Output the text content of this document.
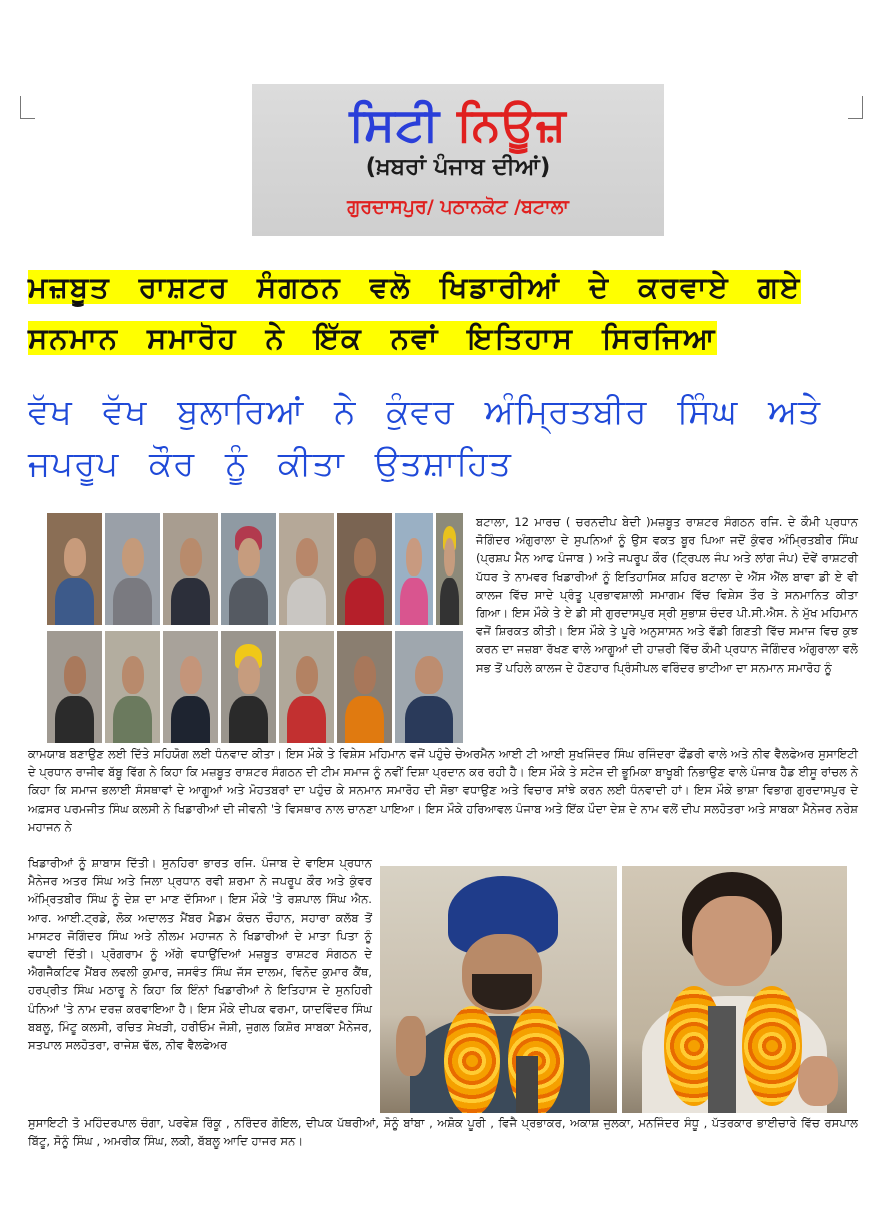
ਸਿਟੀ ਨਿਊਜ਼
(ਖ਼ਬਰਾਂ ਪੰਜਾਬ ਦੀਆਂ)
ਗੁਰਦਾਸਪੁਰ/ ਪਠਾਨਕੋਟ /ਬਟਾਲਾ
ਮਜ਼ਬੂਤ ਰਾਸ਼ਟਰ ਸੰਗਠਨ ਵਲੋ ਖਿਡਾਰੀਆਂ ਦੇ ਕਰਵਾਏ ਗਏ
ਸਨਮਾਨ ਸਮਾਰੋਹ ਨੇ ਇੱਕ ਨਵਾਂ ਇਤਿਹਾਸ ਸਿਰਜਿਆ
ਵੱਖ ਵੱਖ ਬੁਲਾਰਿਆਂ ਨੇ ਕੁੰਵਰ ਅੰਮ੍ਰਿਤਬੀਰ ਸਿੰਘ ਅਤੇ ਜਪਰੂਪ ਕੌਰ ਨੂੰ ਕੀਤਾ ਉਤਸ਼ਾਹਿਤ
ਬਟਾਲਾ, 12 ਮਾਰਚ ( ਚਰਨਦੀਪ ਬੇਦੀ )ਮਜ਼ਬੂਤ ਰਾਸ਼ਟਰ ਸੰਗਠਨ ਰਜਿ. ਦੇ ਕੌਮੀ ਪ੍ਰਧਾਨ ਜੋਗਿੰਦਰ ਅੰਗੁਰਾਲਾ ਦੇ ਸੁਪਨਿਆਂ ਨੂੰ ਉਸ ਵਕਤ ਬੂਰ ਪਿਆ ਜਦੋਂ ਕੁੰਵਰ ਅੰਮ੍ਰਿਤਬੀਰ ਸਿੰਘ (ਪ੍ਰਸ਼ਪ ਮੈਨ ਆਫ ਪੰਜਾਬ ) ਅਤੇ ਜਪਰੂਪ ਕੌਰ (ਟ੍ਰਿਪਲ ਜੰਪ ਅਤੇ ਲਾਂਗ ਜੰਪ) ਦੋਵੇਂ ਰਾਸ਼ਟਰੀ ਪੱਧਰ ਤੇ ਨਾਮਵਰ ਖਿਡਾਰੀਆਂ ਨੂੰ ਇਤਿਹਾਸਿਕ ਸ਼ਹਿਰ ਬਟਾਲਾ ਦੇ ਐੱਸ ਐੱਲ ਬਾਵਾ ਡੀ ਏ ਵੀ ਕਾਲਜ ਵਿੱਚ ਸਾਦੇ ਪ੍ਰੰਤੂ ਪ੍ਰਭਾਵਸ਼ਾਲੀ ਸਮਾਗਮ ਵਿੱਚ ਵਿਸ਼ੇਸ ਤੌਰ ਤੇ ਸਨਮਾਨਿਤ ਕੀਤਾ ਗਿਆ। ਇਸ ਮੌਕੇ ਤੇ ਏ ਡੀ ਸੀ ਗੁਰਦਾਸਪੁਰ ਸ੍ਰੀ ਸੁਭਾਸ਼ ਚੰਦਰ ਪੀ.ਸੀ.ਐਸ. ਨੇ ਮੁੱਖ ਮਹਿਮਾਨ ਵਜੋਂ ਸ਼ਿਰਕਤ ਕੀਤੀ। ਇਸ ਮੌਕੇ ਤੇ ਪੂਰੇ ਅਨੁਸਾਸਨ ਅਤੇ ਵੱਡੀ ਗਿਣਤੀ ਵਿੱਚ ਸਮਾਜ ਵਿਚ ਕੁਝ ਕਰਨ ਦਾ ਜਜ਼ਬਾ ਰੱਖਣ ਵਾਲੇ ਆਗੂਆਂ ਦੀ ਹਾਜ਼ਰੀ ਵਿੱਚ ਕੌਮੀ ਪ੍ਰਧਾਨ ਜੋਗਿੰਦਰ ਅੰਗੁਰਾਲਾ ਵਲੋ ਸਭ ਤੋਂ ਪਹਿਲੇ ਕਾਲਜ ਦੇ ਹੋਣਹਾਰ ਪ੍ਰਿੰਸੀਪਲ ਵਰਿੰਦਰ ਭਾਟੀਆ ਦਾ ਸਨਮਾਨ ਸਮਾਰੋਹ ਨੂੰ
ਕਾਮਯਾਬ ਬਣਾਉਣ ਲਈ ਦਿੱਤੇ ਸਹਿਯੋਗ ਲਈ ਧੰਨਵਾਦ ਕੀਤਾ। ਇਸ ਮੌਕੇ ਤੇ ਵਿਸ਼ੇਸ ਮਹਿਮਾਨ ਵਜੋਂ ਪਹੁੰਚੇ ਚੇਅਰਮੈਨ ਆਈ ਟੀ ਆਈ ਸੁਖਜਿੰਦਰ ਸਿੰਘ ਰਜਿੰਦਰਾ ਫੌਂਡਰੀ ਵਾਲੇ ਅਤੇ ਨੀਵ ਵੈਲਫੇਅਰ ਸੁਸਾਇਟੀ ਦੇ ਪ੍ਰਧਾਨ ਰਾਜੀਵ ਬੱਬੂ ਵਿੱਗ ਨੇ ਕਿਹਾ ਕਿ ਮਜ਼ਬੂਤ ਰਾਸ਼ਟਰ ਸੰਗਠਨ ਦੀ ਟੀਮ ਸਮਾਜ ਨੂੰ ਨਵੀਂ ਦਿਸ਼ਾ ਪ੍ਰਦਾਨ ਕਰ ਰਹੀ ਹੈ। ਇਸ ਮੌਕੇ ਤੇ ਸਟੇਜ ਦੀ ਭੂਮਿਕਾ ਬਾਖੂਬੀ ਨਿਭਾਉਣ ਵਾਲੇ ਪੰਜਾਬ ਹੈਡ ਈਸੂ ਰਾਂਚਲ ਨੇ ਕਿਹਾ ਕਿ ਸਮਾਜ ਭਲਾਈ ਸੰਸਥਾਵਾਂ ਦੇ ਆਗੂਆਂ ਅਤੇ ਮੋਹਤਬਰਾਂ ਦਾ ਪਹੁੰਚ ਕੇ ਸਨਮਾਨ ਸਮਾਰੋਹ ਦੀ ਸੋਭਾ ਵਧਾਉਣ ਅਤੇ ਵਿਚਾਰ ਸਾਂਝੇ ਕਰਨ ਲਈ ਧੰਨਵਾਦੀ ਹਾਂ। ਇਸ ਮੌਕੇ ਭਾਸ਼ਾ ਵਿਭਾਗ ਗੁਰਦਾਸਪੁਰ ਦੇ ਅਫ਼ਸਰ ਪਰਮਜੀਤ ਸਿੰਘ ਕਲਸੀ ਨੇ ਖਿਡਾਰੀਆਂ ਦੀ ਜੀਵਨੀ 'ਤੇ ਵਿਸਥਾਰ ਨਾਲ ਚਾਨਣਾ ਪਾਇਆ। ਇਸ ਮੌਕੇ ਹਰਿਆਵਲ ਪੰਜਾਬ ਅਤੇ ਇੱਕ ਪੌਦਾ ਦੇਸ਼ ਦੇ ਨਾਮ ਵਲੋਂ ਦੀਪ ਸਲਹੋਤਰਾ ਅਤੇ ਸਾਬਕਾ ਮੈਨੇਜਰ ਨਰੇਸ਼ ਮਹਾਜਨ ਨੇ
ਖਿਡਾਰੀਆਂ ਨੂੰ ਸ਼ਾਬਾਸ ਦਿੱਤੀ। ਸੁਨਹਿਰਾ ਭਾਰਤ ਰਜਿ. ਪੰਜਾਬ ਦੇ ਵਾਇਸ ਪ੍ਰਧਾਨ ਮੈਨੇਜਰ ਅਤਰ ਸਿੰਘ ਅਤੇ ਜਿਲਾ ਪ੍ਰਧਾਨ ਰਵੀ ਸ਼ਰਮਾ ਨੇ ਜਪਰੂਪ ਕੌਰ ਅਤੇ ਕੁੰਵਰ ਅੰਮ੍ਰਿਤਬੀਰ ਸਿੰਘ ਨੂੰ ਦੇਸ਼ ਦਾ ਮਾਣ ਦੱਸਿਆ। ਇਸ ਮੌਕੇ 'ਤੇ ਰਸ਼ਪਾਲ ਸਿੰਘ ਐਨ. ਆਰ. ਆਈ.ਟ੍ਰਡੇ, ਲੋਕ ਅਦਾਲਤ ਮੈਂਬਰ ਮੈਡਮ ਕੰਚਨ ਚੌਹਾਨ, ਸਹਾਰਾ ਕਲੱਬ ਤੋਂ ਮਾਸਟਰ ਜੋਗਿੰਦਰ ਸਿੰਘ ਅਤੇ ਨੀਲਮ ਮਹਾਜਨ ਨੇ ਖਿਡਾਰੀਆਂ ਦੇ ਮਾਤਾ ਪਿਤਾ ਨੂੰ ਵਧਾਈ ਦਿੱਤੀ। ਪ੍ਰੋਗਰਾਮ ਨੂੰ ਅੱਗੇ ਵਧਾਉਂਦਿਆਂ ਮਜ਼ਬੂਤ ਰਾਸ਼ਟਰ ਸੰਗਠਨ ਦੇ ਐਗਜੈਕਟਿਵ ਮੈਂਬਰ ਲਵਲੀ ਕੁਮਾਰ, ਜਸਵੰਤ ਸਿੰਘ ਜੱਸ ਦਾਲਮ, ਵਿਨੋਦ ਕੁਮਾਰ ਕੈਂਥ, ਹਰਪ੍ਰੀਤ ਸਿੰਘ ਮਠਾਰੂ ਨੇ ਕਿਹਾ ਕਿ ਇੰਨਾਂ ਖਿਡਾਰੀਆਂ ਨੇ ਇਤਿਹਾਸ ਦੇ ਸੁਨਹਿਰੀ ਪੰਨਿਆਂ 'ਤੇ ਨਾਮ ਦਰਜ਼ ਕਰਵਾਇਆ ਹੈ। ਇਸ ਮੌਕੇ ਦੀਪਕ ਵਰਮਾ, ਯਾਦਵਿੰਦਰ ਸਿੰਘ ਬਬਲੂ, ਮਿੰਟੂ ਕਲਸੀ, ਰਚਿਤ ਸੇਖੜੀ, ਹਰੀਓਮ ਜੋਸ਼ੀ, ਜੁਗਲ ਕਿਸ਼ੋਰ ਸਾਬਕਾ ਮੈਨੇਜਰ, ਸਤਪਾਲ ਸਲਹੋਤਰਾ, ਰਾਜੇਸ਼ ਢੱਲ, ਨੀਵ ਵੈਲਫੇਅਰ
ਸੁਸਾਇਟੀ ਤੋ ਮਹਿੰਦਰਪਾਲ ਚੰਗਾ, ਪਰਵੇਸ਼ ਰਿੰਕੂ , ਨਰਿੰਦਰ ਗੋਇਲ, ਦੀਪਕ ਪੱਥਰੀਆਂ, ਸੋਨੂੰ ਬਾਂਬਾ , ਅਸ਼ੋਕ ਪੂਰੀ , ਵਿਜੈ ਪ੍ਰਭਾਕਰ, ਅਕਾਸ਼ ਜੁਲਕਾ, ਮਨਜਿੰਦਰ ਸੰਧੂ , ਪੱਤਰਕਾਰ ਭਾਈਚਾਰੇ ਵਿੱਚ ਰਸਪਾਲ ਬਿੱਟੂ, ਸੋਨੂੰ ਸਿੰਘ , ਅਮਰੀਕ ਸਿੰਘ, ਲਕੀ, ਬੱਬਲੂ ਆਦਿ ਹਾਜਰ ਸਨ।
